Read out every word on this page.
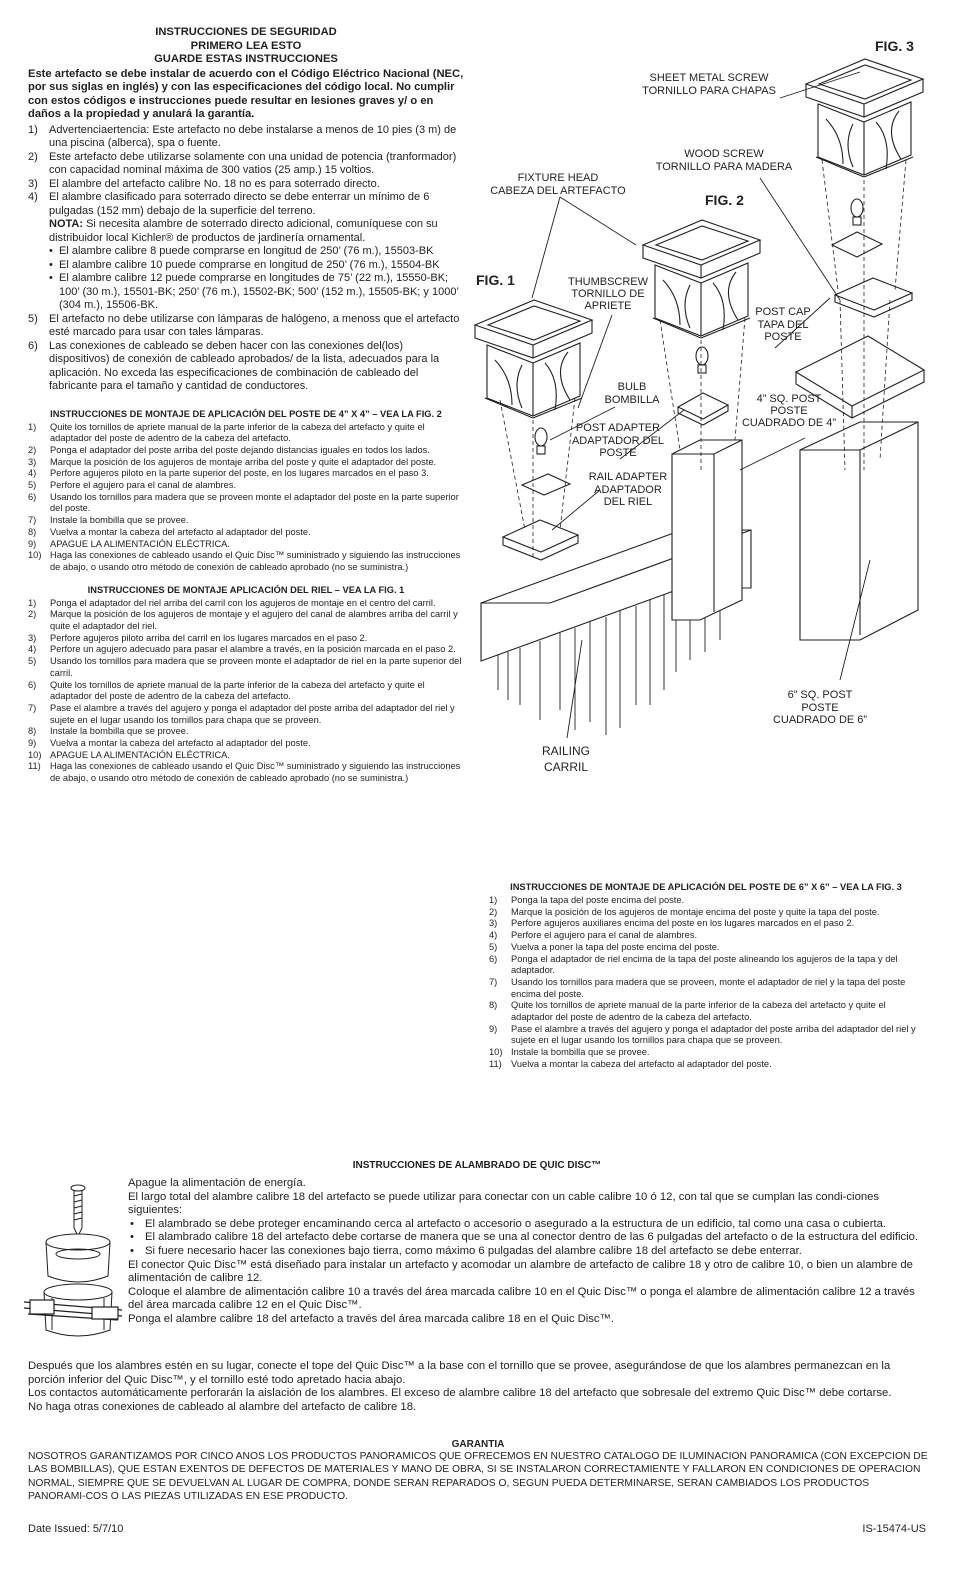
INSTRUCCIONES DE SEGURIDAD
PRIMERO LEA ESTO
GUARDE ESTAS INSTRUCCIONES
Este artefacto se debe instalar de acuerdo con el Código Eléctrico Nacional (NEC, por sus siglas en inglés) y con las especificaciones del código local. No cumplir con estos códigos e instrucciones puede resultar en lesiones graves y/ o en daños a la propiedad y anulará la garantía.
1) Advertenciaertencia: Este artefacto no debe instalarse a menos de 10 pies (3 m) de una piscina (alberca), spa o fuente.
2) Este artefacto debe utilizarse solamente con una unidad de potencia (tranformador) con capacidad nominal máxima de 300 vatios (25 amp.) 15 voltios.
3) El alambre del artefacto calibre No. 18 no es para soterrado directo.
4) El alambre clasificado para soterrado directo se debe enterrar un mínimo de 6 pulgadas (152 mm) debajo de la superficie del terreno.
NOTA: Si necesita alambre de soterrado directo adicional, comuníquese con su distribuidor local Kichler® de productos de jardinería ornamental.
• El alambre calibre 8 puede comprarse en longitud de 250’ (76 m.), 15503-BK
• El alambre calibre 10 puede comprarse en longitud de 250’ (76 m.), 15504-BK
• El alambre calibre 12 puede comprarse en longitudes de 75’ (22 m.), 15550-BK; 100’ (30 m.), 15501-BK; 250’ (76 m.), 15502-BK; 500’ (152 m.), 15505-BK; y 1000’ (304 m.), 15506-BK.
5) El artefacto no debe utilizarse con lámparas de halógeno, a menoss que el artefacto esté marcado para usar con tales lámparas.
6) Las conexiones de cableado se deben hacer con las conexiones del(los) dispositivos) de conexión de cableado aprobados/ de la lista, adecuados para la aplicación. No exceda las especificaciones de combinación de cableado del fabricante para el tamaño y cantidad de conductores.
INSTRUCCIONES DE MONTAJE DE APLICACIÓN DEL POSTE DE 4” X 4” – VEA LA FIG. 2
1) Quite los tornillos de apriete manual de la parte inferior de la cabeza del artefacto y quite el adaptador del poste de adentro de la cabeza del artefacto.
2) Ponga el adaptador del poste arriba del poste dejando distancias iguales en todos los lados.
3) Marque la posición de los agujeros de montaje arriba del poste y quite el adaptador del poste.
4) Perfore agujeros piloto en la parte superior del poste, en los lugares marcados en el paso 3.
5) Perfore el agujero para el canal de alambres.
6) Usando los tornillos para madera que se proveen monte el adaptador del poste en la parte superior del poste.
7) Instale la bombilla que se provee.
8) Vuelva a montar la cabeza del artefacto al adaptador del poste.
9) APAGUE LA ALIMENTACIÓN ELÉCTRICA.
10) Haga las conexiones de cableado usando el Quic Disc™ suministrado y siguiendo las instrucciones de abajo, o usando otro método de conexión de cableado aprobado (no se suministra.)
INSTRUCCIONES DE MONTAJE APLICACIÓN DEL RIEL – VEA LA FIG. 1
1) Ponga el adaptador del riel arriba del carril con los agujeros de montaje en el centro del carril.
2) Marque la posición de los agujeros de montaje y el agujero del canal de alambres arriba del carril y quite el adaptador del riel.
3) Perfore agujeros piloto arriba del carril en los lugares marcados en el paso 2.
4) Perfore un agujero adecuado para pasar el alambre a través, en la posición marcada en el paso 2.
5) Usando los tornillos para madera que se proveen monte el adaptador de riel en la parte superior del carril.
6) Quite los tornillos de apriete manual de la parte inferior de la cabeza del artefacto y quite el adaptador del poste de adentro de la cabeza del artefacto.
7) Pase el alambre a través del agujero y ponga el adaptador del poste arriba del adaptador del riel y sujete en el lugar usando los tornillos para chapa que se proveen.
8) Instale la bombilla que se provee.
9) Vuelva a montar la cabeza del artefacto al adaptador del poste.
10) APAGUE LA ALIMENTACIÓN ELÉCTRICA.
11) Haga las conexiones de cableado usando el Quic Disc™ suministrado y siguiendo las instrucciones de abajo, o usando otro método de conexión de cableado aprobado (no se suministra.)
FIG. 3
FIG. 2
FIG. 1
SHEET METAL SCREW
TORNILLO PARA CHAPAS
WOOD SCREW
TORNILLO PARA MADERA
FIXTURE HEAD
CABEZA DEL ARTEFACTO
THUMBSCREW
TORNILLO DE
APRIETE	POST CAP
TAPA DEL
POSTE
BULB
BOMBILLA	4” SQ. POST
POSTE
CUADRADO DE 4”
POST ADAPTER
ADAPTADOR DEL
POSTE
RAIL ADAPTER
ADAPTADOR
DEL RIEL
6” SQ. POST
POSTE
CUADRADO DE 6”
RAILING
CARRIL
INSTRUCCIONES DE MONTAJE DE APLICACIÓN DEL POSTE DE 6” X 6” – VEA LA FIG. 3
1) Ponga la tapa del poste encima del poste.
2) Marque la posición de los agujeros de montaje encima del poste y quite la tapa del poste.
3) Perfore agujeros auxiliares encima del poste en los lugares marcados en el paso 2.
4) Perfore el agujero para el canal de alambres.
5) Vuelva a poner la tapa del poste encima del poste.
6) Ponga el adaptador de riel encima de la tapa del poste alineando los agujeros de la tapa y del adaptador.
7) Usando los tornillos para madera que se proveen, monte el adaptador de riel y la tapa del poste encima del poste.
8) Quite los tornillos de apriete manual de la parte inferior de la cabeza del artefacto y quite el adaptador del poste de adentro de la cabeza del artefacto.
9) Pase el alambre a través del agujero y ponga el adaptador del poste arriba del adaptador del riel y sujete en el lugar usando los tornillos para chapa que se proveen.
10) Instale la bombilla que se provee.
11) Vuelva a montar la cabeza del artefacto al adaptador del poste.
INSTRUCCIONES DE ALAMBRADO DE QUIC DISC™
Apague la alimentación de energía.
El largo total del alambre calibre 18 del artefacto se puede utilizar para conectar con un cable calibre 10 ó 12, con tal que se cumplan las condi-ciones siguientes:
• El alambrado se debe proteger encaminando cerca al artefacto o accesorio o asegurado a la estructura de un edificio, tal como una casa o cubierta.
• El alambrado calibre 18 del artefacto debe cortarse de manera que se una al conector dentro de las 6 pulgadas del artefacto o de la estructura del edificio.
• Si fuere necesario hacer las conexiones bajo tierra, como máximo 6 pulgadas del alambre calibre 18 del artefacto se debe enterrar.
El conector Quic Disc™ está diseñado para instalar un artefacto y acomodar un alambre de artefacto de calibre 18 y otro de calibre 10, o bien un alambre de alimentación de calibre 12.
Coloque el alambre de alimentación calibre 10 a través del área marcada calibre 10 en el Quic Disc™ o ponga el alambre de alimentación calibre 12 a través del área marcada calibre 12 en el Quic Disc™.
Ponga el alambre calibre 18 del artefacto a través del área marcada calibre 18 en el Quic Disc™.
Después que los alambres estén en su lugar, conecte el tope del Quic Disc™ a la base con el tornillo que se provee, asegurándose de que los alambres permanezcan en la porción inferior del Quic Disc™, y el tornillo esté todo apretado hacia abajo.
Los contactos automáticamente perforarán la aislación de los alambres. El exceso de alambre calibre 18 del artefacto que sobresale del extremo Quic Disc™ debe cortarse.
No haga otras conexiones de cableado al alambre del artefacto de calibre 18.
GARANTIA
NOSOTROS GARANTIZAMOS POR CINCO ANOS LOS PRODUCTOS PANORAMICOS QUE OFRECEMOS EN NUESTRO CATALOGO DE ILUMINACION PANORAMICA (CON EXCEPCION DE LAS BOMBILLAS), QUE ESTAN EXENTOS DE DEFECTOS DE MATERIALES Y MANO DE OBRA, SI SE INSTALARON CORRECTAMIENTE Y FALLARON EN CONDICIONES DE OPERACION NORMAL, SIEMPRE QUE SE DEVUELVAN AL LUGAR DE COMPRA, DONDE SERAN REPARADOS O, SEGUN PUEDA DETERMINARSE, SERAN CAMBIADOS LOS PRODUCTOS PANORAMI-COS O LAS PIEZAS UTILIZADAS EN ESE PRODUCTO.
Date Issued: 5/7/10	IS-15474-US
